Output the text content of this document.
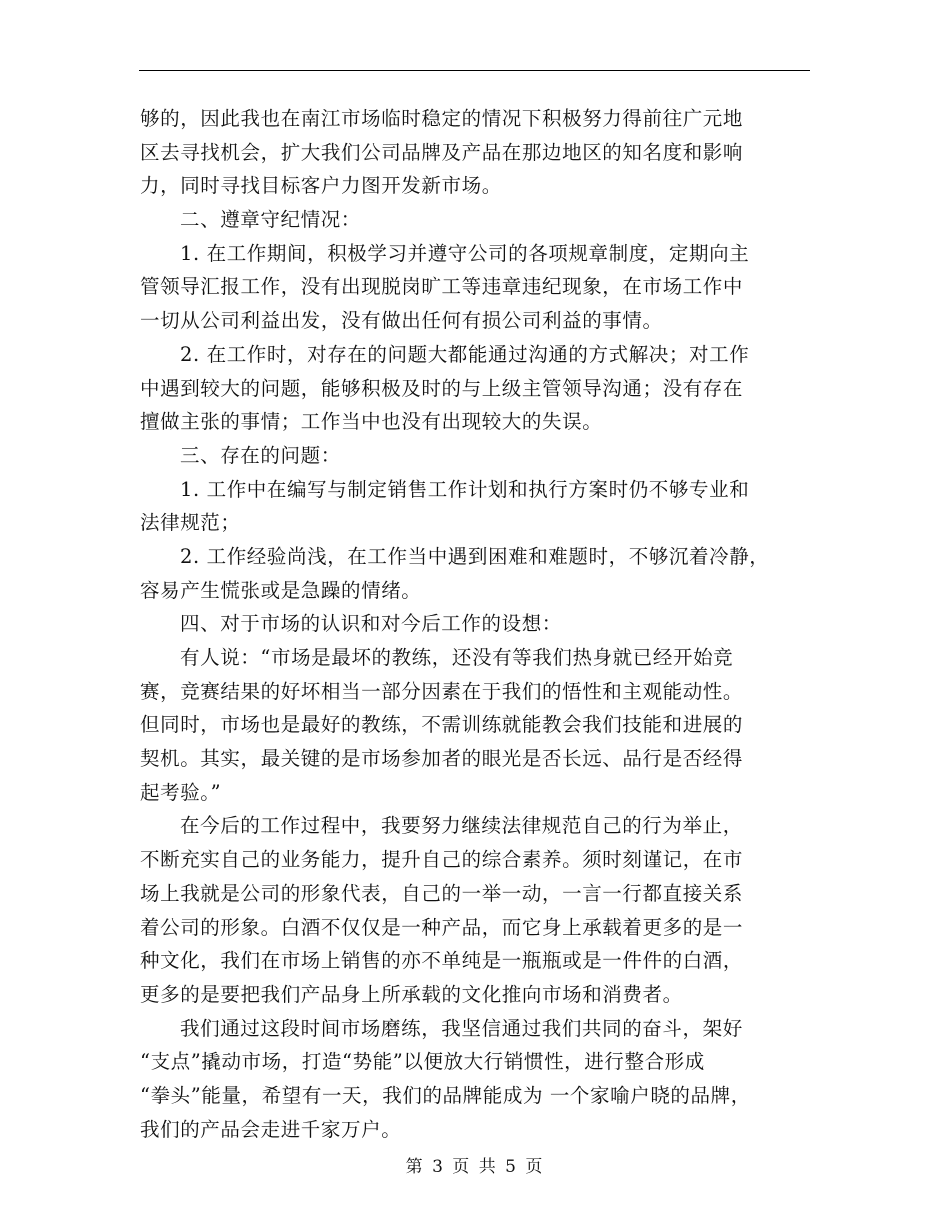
够的，因此我也在南江市场临时稳定的情况下积极努力得前往广元地
区去寻找机会，扩大我们公司品牌及产品在那边地区的知名度和影响
力，同时寻找目标客户力图开发新市场。
二、遵章守纪情况：
1. 在工作期间，积极学习并遵守公司的各项规章制度，定期向主
管领导汇报工作，没有出现脱岗旷工等违章违纪现象，在市场工作中
一切从公司利益出发，没有做出任何有损公司利益的事情。
2. 在工作时，对存在的问题大都能通过沟通的方式解决；对工作
中遇到较大的问题，能够积极及时的与上级主管领导沟通；没有存在
擅做主张的事情；工作当中也没有出现较大的失误。
三、存在的问题：
1. 工作中在编写与制定销售工作计划和执行方案时仍不够专业和
法律规范；
2. 工作经验尚浅，在工作当中遇到困难和难题时，不够沉着冷静，
容易产生慌张或是急躁的情绪。
四、对于市场的认识和对今后工作的设想：
有人说：“市场是最坏的教练，还没有等我们热身就已经开始竞
赛，竞赛结果的好坏相当一部分因素在于我们的悟性和主观能动性。
但同时，市场也是最好的教练，不需训练就能教会我们技能和进展的
契机。其实，最关键的是市场参加者的眼光是否长远、品行是否经得
起考验。”
在今后的工作过程中，我要努力继续法律规范自己的行为举止，
不断充实自己的业务能力，提升自己的综合素养。须时刻谨记，在市
场上我就是公司的形象代表，自己的一举一动，一言一行都直接关系
着公司的形象。白酒不仅仅是一种产品，而它身上承载着更多的是一
种文化，我们在市场上销售的亦不单纯是一瓶瓶或是一件件的白酒，
更多的是要把我们产品身上所承载的文化推向市场和消费者。
我们通过这段时间市场磨练，我坚信通过我们共同的奋斗，架好
“支点”撬动市场，打造“势能”以便放大行销惯性，进行整合形成
“拳头”能量，希望有一天，我们的品牌能成为 一个家喻户晓的品牌，
我们的产品会走进千家万户。
第 3 页 共 5 页
